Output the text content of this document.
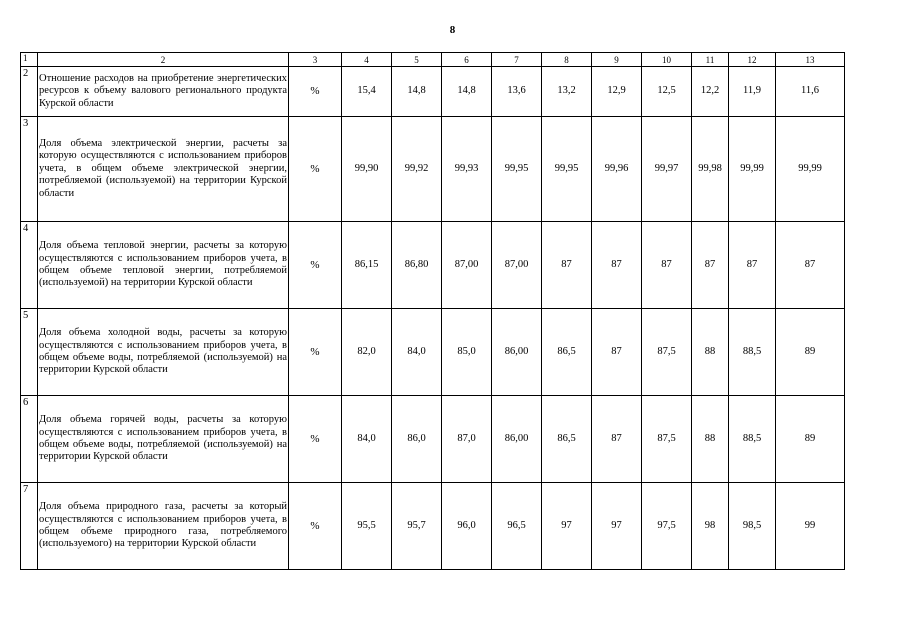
8
1	2	3	4	5	6	7	8	9	10	11	12	13
2	Отношение расходов на приобретение энергетических ресурсов к объему валового регионального продукта Курской области	%	15,4	14,8	14,8	13,6	13,2	12,9	12,5	12,2	11,9	11,6
3	Доля объема электрической энергии, расчеты за которую осуществляются с использованием приборов учета, в общем объеме электрической энергии, потребляемой (используемой) на территории Курской области	%	99,90	99,92	99,93	99,95	99,95	99,96	99,97	99,98	99,99	99,99
4	Доля объема тепловой энергии, расчеты за которую осуществляются с использованием приборов учета, в общем объеме тепловой энергии, потребляемой (используемой) на территории Курской области	%	86,15	86,80	87,00	87,00	87	87	87	87	87	87
5	Доля объема холодной воды, расчеты за которую осуществляются с использованием приборов учета, в общем объеме воды, потребляемой (используемой) на территории Курской области	%	82,0	84,0	85,0	86,00	86,5	87	87,5	88	88,5	89
6	Доля объема горячей воды, расчеты за которую осуществляются с использованием приборов учета, в общем объеме воды, потребляемой (используемой) на территории Курской области	%	84,0	86,0	87,0	86,00	86,5	87	87,5	88	88,5	89
7	Доля объема природного газа, расчеты за который осуществляются с использованием приборов учета, в общем объеме природного газа, потребляемого (используемого) на территории Курской области	%	95,5	95,7	96,0	96,5	97	97	97,5	98	98,5	99
